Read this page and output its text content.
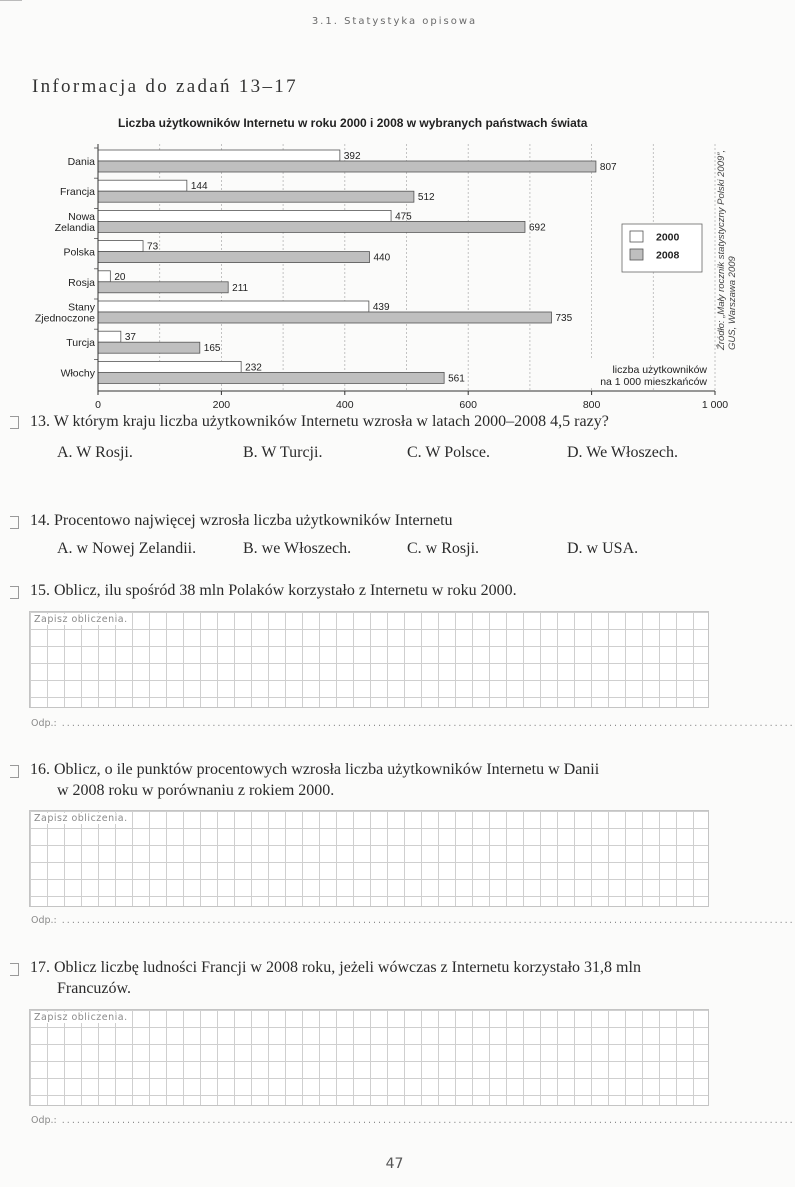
3.1. Statystyka opisowa
Informacja do zadań 13–17
Liczba użytkowników Internetu w roku 2000 i 2008 w wybranych państwach świata
392
807
Dania
144
512
Francja
475
692
Nowa Zelandia
73
440
Polska
20
211
Rosja
439
735
Stany Zjednoczone
37
165
Turcja
232
561
Włochy
0	200	400	600	800	1 000
liczba użytkowników na 1 000 mieszkańców
2000
2008	Źródło: „Mały rocznik statystyczny Polski 2009”, GUS, Warszawa 2009
13. W którym kraju liczba użytkowników Internetu wzrosła w latach 2000–2008 4,5 razy?
A. W Rosji.	B. W Turcji.	C. W Polsce.	D. We Włoszech.
14. Procentowo najwięcej wzrosła liczba użytkowników Internetu
A. w Nowej Zelandii.	B. we Włoszech.	C. w Rosji.	D. w USA.
15. Oblicz, ilu spośród 38 mln Polaków korzystało z Internetu w roku 2000.
Zapisz obliczenia.
Odp.: ..................................................................................................................................................
16. Oblicz, o ile punktów procentowych wzrosła liczba użytkowników Internetu w Danii
w 2008 roku w porównaniu z rokiem 2000.
Zapisz obliczenia.
Odp.: ..................................................................................................................................................
17. Oblicz liczbę ludności Francji w 2008 roku, jeżeli wówczas z Internetu korzystało 31,8 mln
Francuzów.
Zapisz obliczenia.
Odp.: ..................................................................................................................................................
47
